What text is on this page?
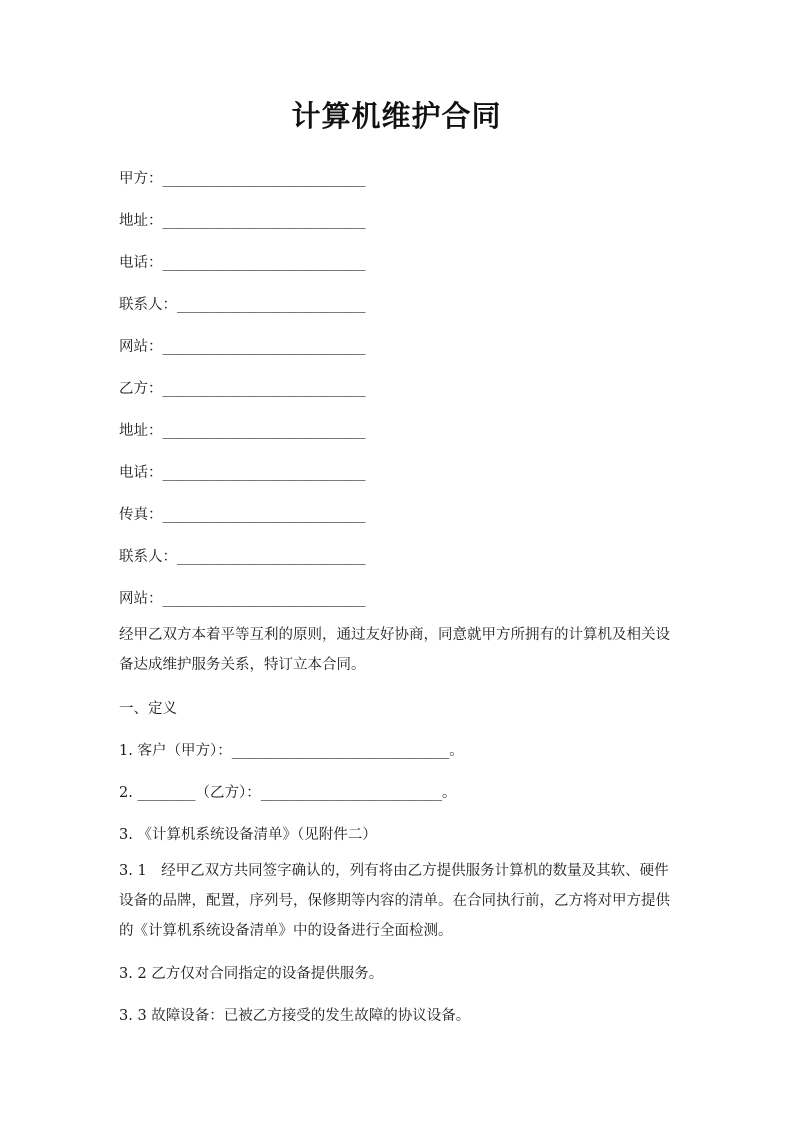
计算机维护合同
甲方：____________________________
地址：____________________________
电话：____________________________
联系人：__________________________
网站：____________________________
乙方：____________________________
地址：____________________________
电话：____________________________
传真：____________________________
联系人：__________________________
网站：____________________________
经甲乙双方本着平等互利的原则，通过友好协商，同意就甲方所拥有的计算机及相关设备达成维护服务关系，特订立本合同。
一、定义
1. 客户（甲方）：______________________________。
2. ________（乙方）：_________________________。
3. 《计算机系统设备清单》（见附件二）
3. 1　经甲乙双方共同签字确认的，列有将由乙方提供服务计算机的数量及其软、硬件设备的品牌，配置，序列号，保修期等内容的清单。在合同执行前，乙方将对甲方提供的《计算机系统设备清单》中的设备进行全面检测。
3. 2 乙方仅对合同指定的设备提供服务。
3. 3 故障设备：已被乙方接受的发生故障的协议设备。
